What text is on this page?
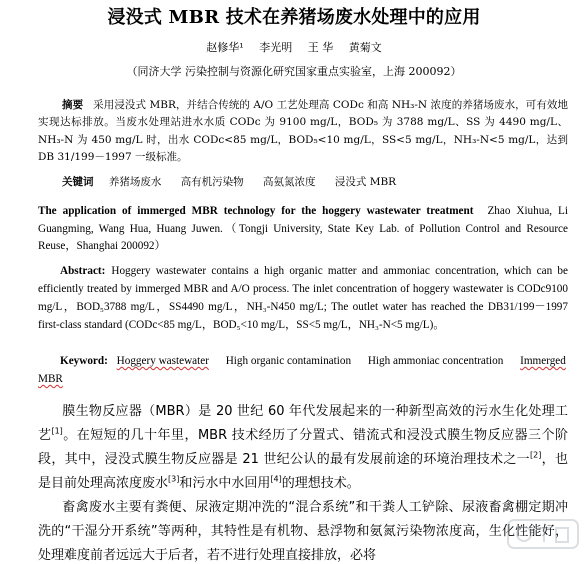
浸没式 MBR 技术在养猪场废水处理中的应用
赵修华¹ 李光明 王 华 黄菊文
（同济大学 污染控制与资源化研究国家重点实验室，上海 200092）
摘要 采用浸没式 MBR，并结合传统的 A/O 工艺处理高 CODc 和高 NH₃-N 浓度的养猪场废水，可有效地实现达标排放。当废水处理站进水水质 CODc 为 9100 mg/L，BOD₅ 为 3788 mg/L、SS 为 4490 mg/L、NH₃-N 为 450 mg/L 时，出水 CODc<85 mg/L，BOD₅<10 mg/L，SS<5 mg/L，NH₃-N<5 mg/L，达到 DB 31/199－1997 一级标准。
关键词 养猪场废水 高有机污染物 高氨氮浓度 浸没式 MBR
The application of immerged MBR technology for the hoggery wastewater treatment Zhao Xiuhua, Li Guangming, Wang Hua, Huang Juwen.（Tongji University, State Key Lab. of Pollution Control and Resource Reuse，Shanghai 200092）
Abstract: Hoggery wastewater contains a high organic matter and ammoniac concentration, which can be efficiently treated by immerged MBR and A/O process. The inlet concentration of hoggery wastewater is CODc9100 mg/L，BOD₅3788 mg/L，SS4490 mg/L，NH₃-N450 mg/L; The outlet water has reached the DB31/199－1997 first-class standard (CODc<85 mg/L，BOD₅<10 mg/L，SS<5 mg/L，NH₃-N<5 mg/L)。
Keyword: Hoggery wastewater High organic contamination High ammoniac concentration Immerged MBR
膜生物反应器（MBR）是 20 世纪 60 年代发展起来的一种新型高效的污水生化处理工艺[1]。在短短的几十年里，MBR 技术经历了分置式、错流式和浸没式膜生物反应器三个阶段，其中，浸没式膜生物反应器是 21 世纪公认的最有发展前途的环境治理技术之一[2]，也是目前处理高浓度废水[3]和污水中水回用[4]的理想技术。
畜禽废水主要有粪便、尿液定期冲洗的“混合系统”和干粪人工铲除、尿液畜禽棚定期冲洗的“干湿分开系统”等两种，其特性是有机物、悬浮物和氨氮污染物浓度高，生化性能好，处理难度前者远远大于后者，若不进行处理直接排放，必将
